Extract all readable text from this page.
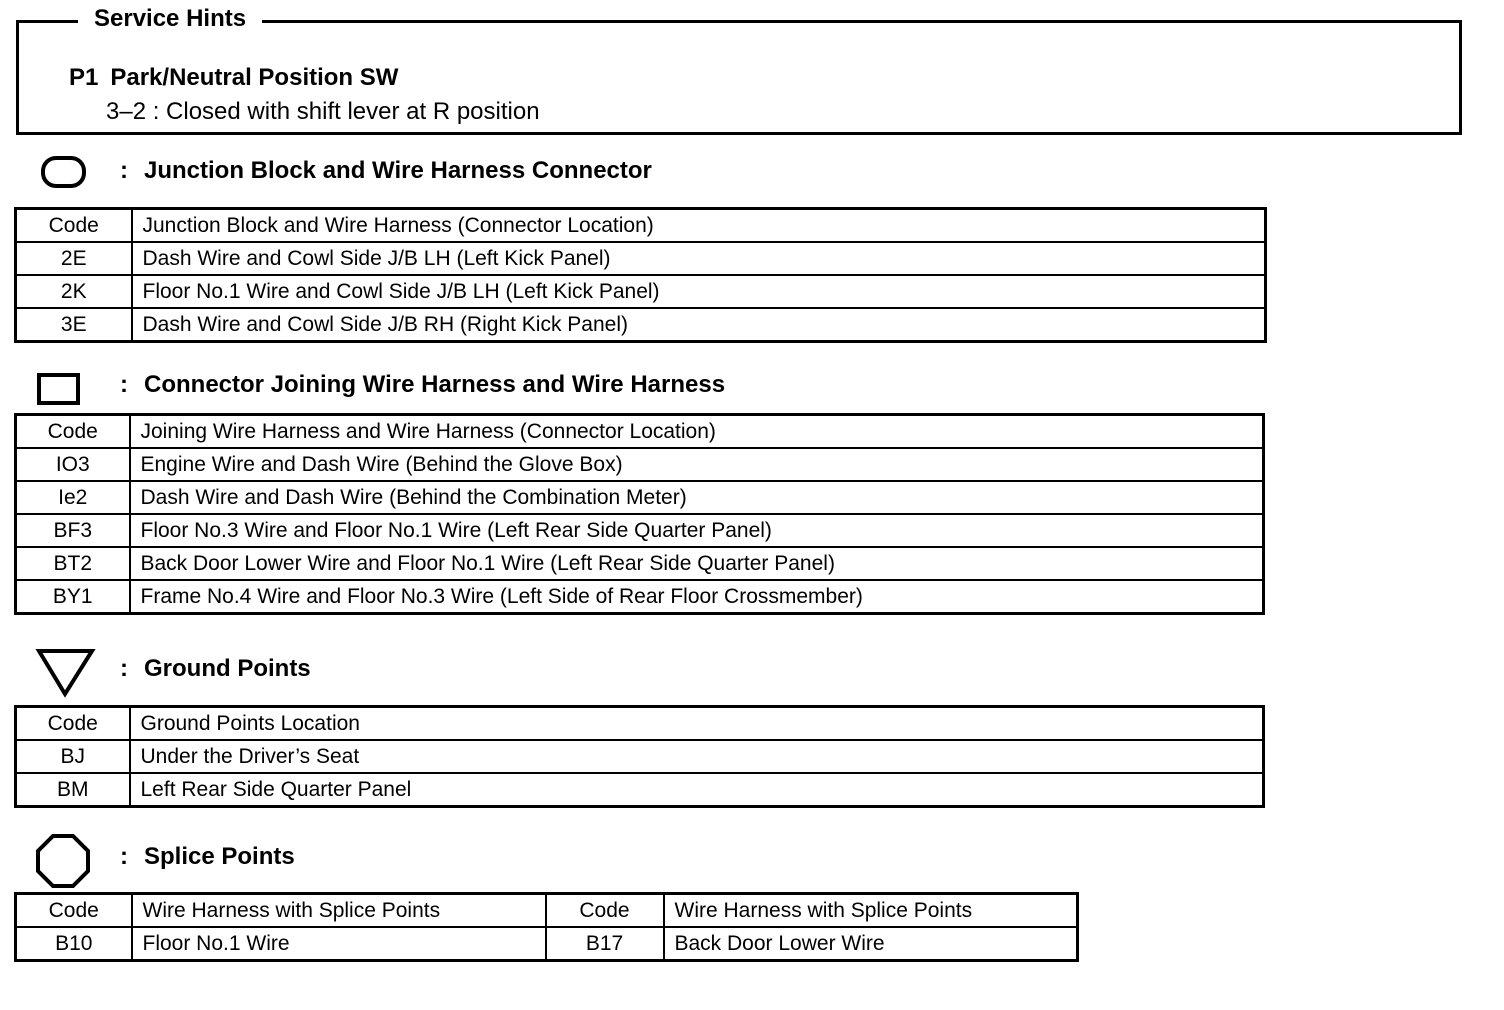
P1 Park/Neutral Position SW
3–2 : Closed with shift lever at R position
Service Hints
: Junction Block and Wire Harness Connector
Code	Junction Block and Wire Harness (Connector Location)
2E	Dash Wire and Cowl Side J/B LH (Left Kick Panel)
2K	Floor No.1 Wire and Cowl Side J/B LH (Left Kick Panel)
3E	Dash Wire and Cowl Side J/B RH (Right Kick Panel)
: Connector Joining Wire Harness and Wire Harness
Code	Joining Wire Harness and Wire Harness (Connector Location)
IO3	Engine Wire and Dash Wire (Behind the Glove Box)
Ie2	Dash Wire and Dash Wire (Behind the Combination Meter)
BF3	Floor No.3 Wire and Floor No.1 Wire (Left Rear Side Quarter Panel)
BT2	Back Door Lower Wire and Floor No.1 Wire (Left Rear Side Quarter Panel)
BY1	Frame No.4 Wire and Floor No.3 Wire (Left Side of Rear Floor Crossmember)
: Ground Points
Code	Ground Points Location
BJ	Under the Driver’s Seat
BM	Left Rear Side Quarter Panel
: Splice Points
Code	Wire Harness with Splice Points	Code	Wire Harness with Splice Points
B10	Floor No.1 Wire	B17	Back Door Lower Wire
